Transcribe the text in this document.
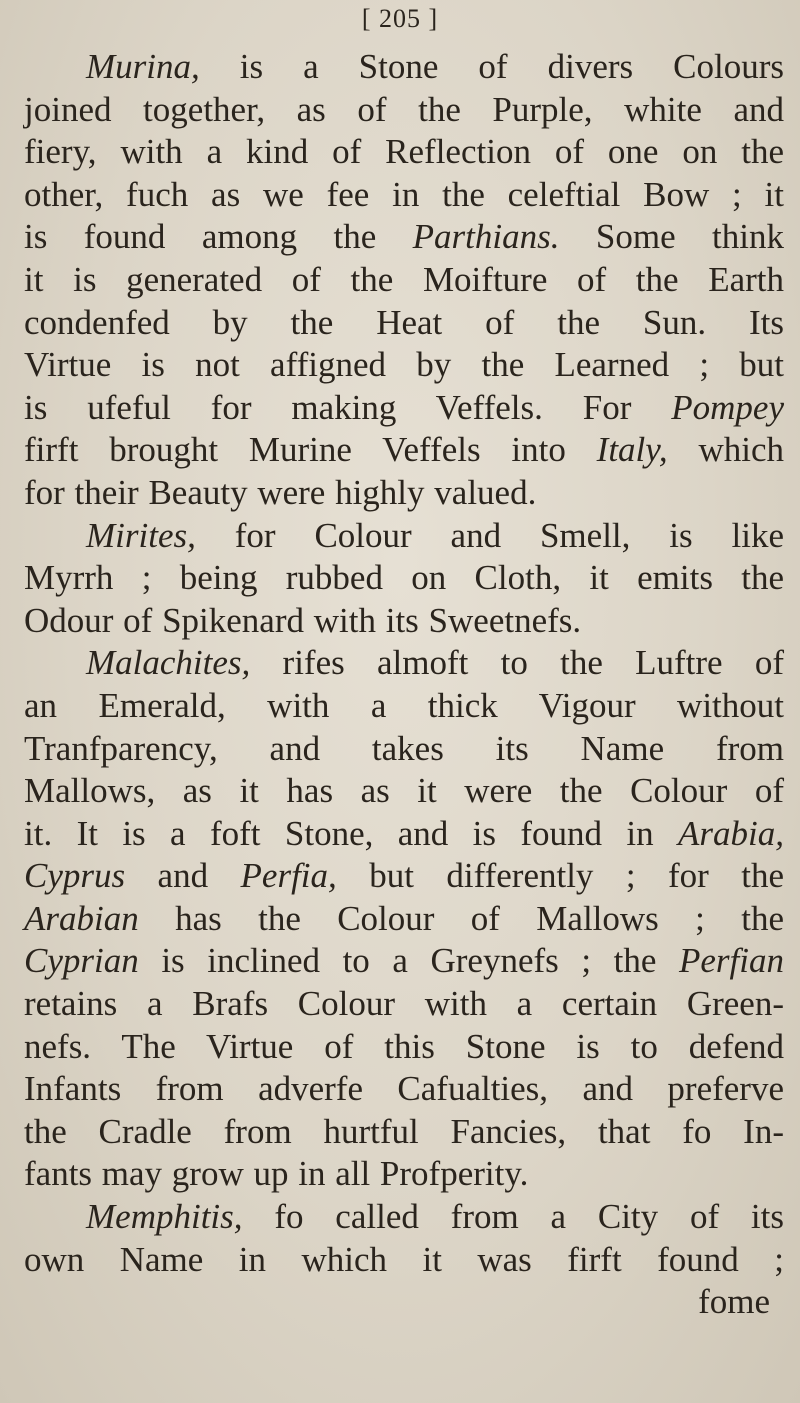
[ 205 ]
Murina, is a Stone of divers Colours
joined together, as of the Purple, white and
fiery, with a kind of Reflection of one on the
other, fuch as we fee in the celeftial Bow ; it
is found among the Parthians. Some think
it is generated of the Moifture of the Earth
condenfed by the Heat of the Sun. Its
Virtue is not affigned by the Learned ; but
is ufeful for making Veffels. For Pompey
firft brought Murine Veffels into Italy, which
for their Beauty were highly valued.
Mirites, for Colour and Smell, is like
Myrrh ; being rubbed on Cloth, it emits the
Odour of Spikenard with its Sweetnefs.
Malachites, rifes almoft to the Luftre of
an Emerald, with a thick Vigour without
Tranfparency, and takes its Name from
Mallows, as it has as it were the Colour of
it. It is a foft Stone, and is found in Arabia,
Cyprus and Perfia, but differently ; for the
Arabian has the Colour of Mallows ; the
Cyprian is inclined to a Greynefs ; the Perfian
retains a Brafs Colour with a certain Green-
nefs. The Virtue of this Stone is to defend
Infants from adverfe Cafualties, and preferve
the Cradle from hurtful Fancies, that fo In-
fants may grow up in all Profperity.
Memphitis, fo called from a City of its
own Name in which it was firft found ;
fome
